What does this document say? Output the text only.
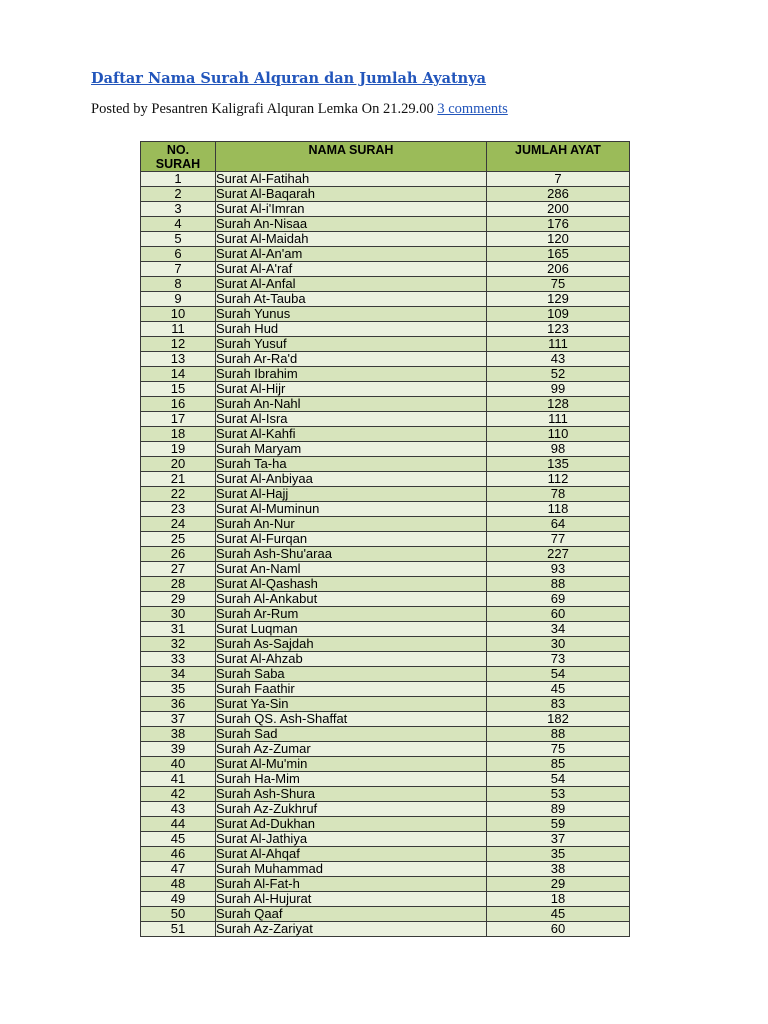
Daftar Nama Surah Alquran dan Jumlah Ayatnya
Posted by Pesantren Kaligrafi Alquran Lemka On 21.29.00 3 comments
NO.
SURAH	NAMA SURAH	JUMLAH AYAT
1	Surat Al-Fatihah	7
2	Surat Al-Baqarah	286
3	Surat Al-i'Imran	200
4	Surah An-Nisaa	176
5	Surat Al-Maidah	120
6	Surat Al-An'am	165
7	Surat Al-A'raf	206
8	Surat Al-Anfal	75
9	Surah At-Tauba	129
10	Surah Yunus	109
11	Surah Hud	123
12	Surah Yusuf	111
13	Surah Ar-Ra'd	43
14	Surah Ibrahim	52
15	Surat Al-Hijr	99
16	Surah An-Nahl	128
17	Surat Al-Isra	111
18	Surat Al-Kahfi	110
19	Surah Maryam	98
20	Surah Ta-ha	135
21	Surat Al-Anbiyaa	112
22	Surat Al-Hajj	78
23	Surat Al-Muminun	118
24	Surah An-Nur	64
25	Surat Al-Furqan	77
26	Surah Ash-Shu'araa	227
27	Surat An-Naml	93
28	Surat Al-Qashash	88
29	Surah Al-Ankabut	69
30	Surah Ar-Rum	60
31	Surat Luqman	34
32	Surah As-Sajdah	30
33	Surat Al-Ahzab	73
34	Surah Saba	54
35	Surah Faathir	45
36	Surat Ya-Sin	83
37	Surah QS. Ash-Shaffat	182
38	Surah Sad	88
39	Surah Az-Zumar	75
40	Surat Al-Mu'min	85
41	Surah Ha-Mim	54
42	Surah Ash-Shura	53
43	Surah Az-Zukhruf	89
44	Surat Ad-Dukhan	59
45	Surat Al-Jathiya	37
46	Surat Al-Ahqaf	35
47	Surah Muhammad	38
48	Surah Al-Fat-h	29
49	Surah Al-Hujurat	18
50	Surah Qaaf	45
51	Surah Az-Zariyat	60
